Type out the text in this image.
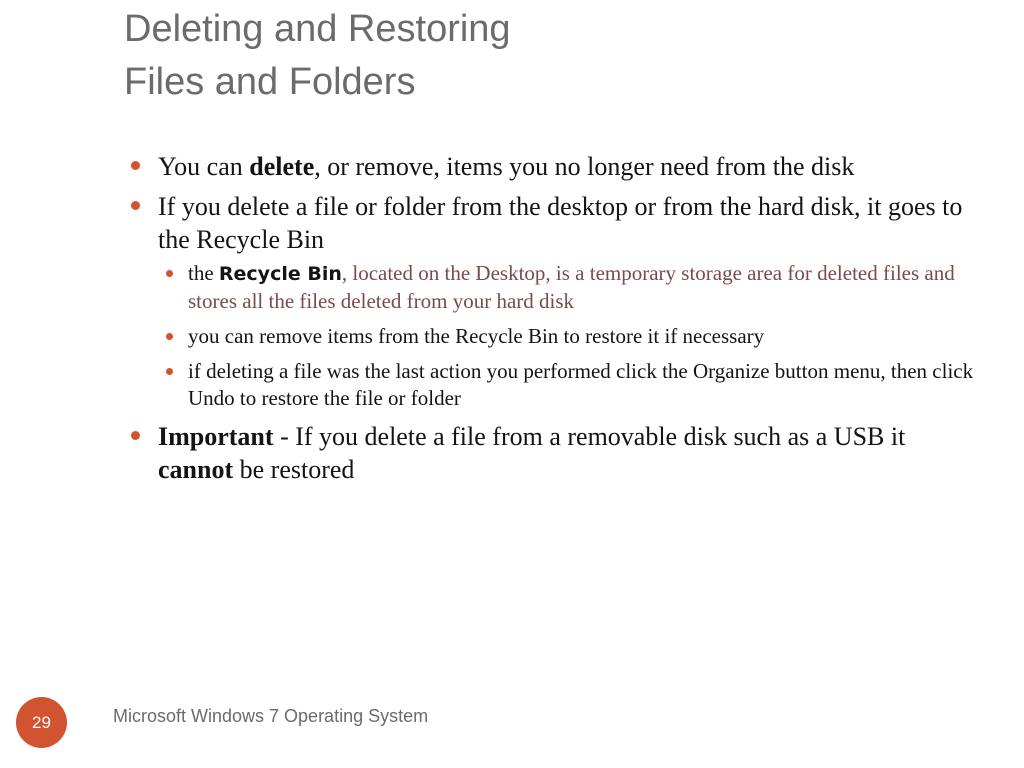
Deleting and Restoring
Files and Folders
You can delete, or remove, items you no longer need from the disk
If you delete a file or folder from the desktop or from the hard disk, it goes to the Recycle Bin
the Recycle Bin, located on the Desktop, is a temporary storage area for deleted files and stores all the files deleted from your hard disk
you can remove items from the Recycle Bin to restore it if necessary
if deleting a file was the last action you performed click the Organize button menu, then click Undo to restore the file or folder
Important - If you delete a file from a removable disk such as a USB it cannot be restored
29	Microsoft Windows 7 Operating System
